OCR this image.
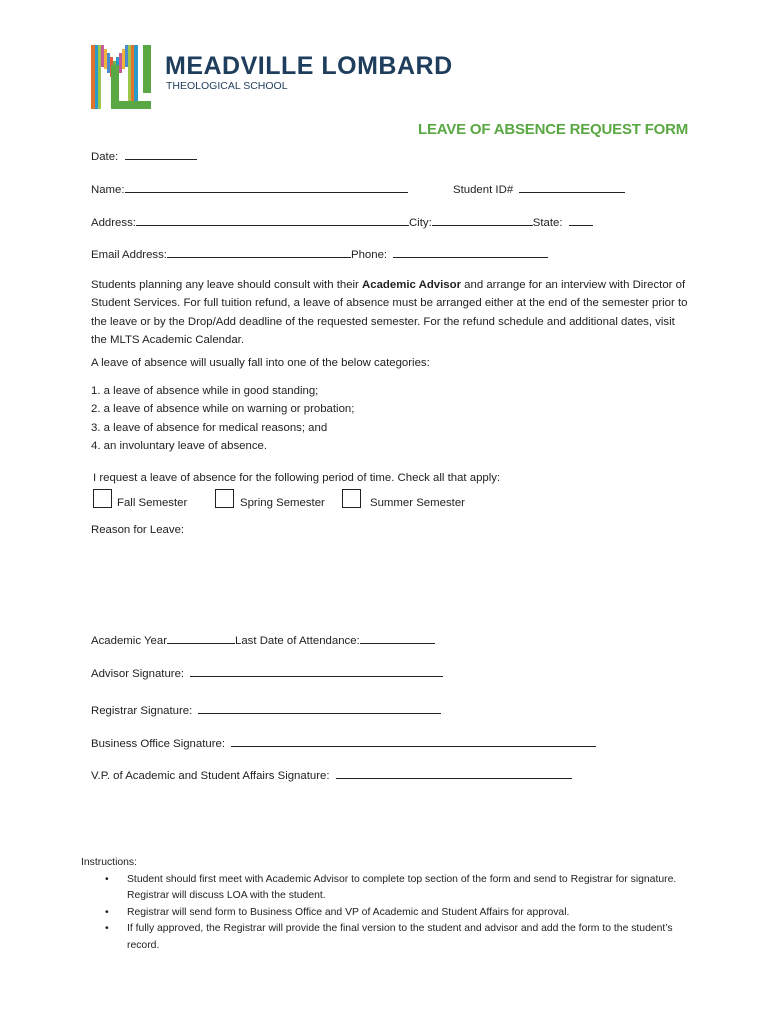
MEADVILLE LOMBARD
THEOLOGICAL SCHOOL
LEAVE OF ABSENCE REQUEST FORM
Date:
Name:	Student ID#
Address:	City:	State:
Email Address:	Phone:
Students planning any leave should consult with their Academic Advisor and arrange for an interview with Director of Student Services. For full tuition refund, a leave of absence must be arranged either at the end of the semester prior to the leave or by the Drop/Add deadline of the requested semester. For the refund schedule and additional dates, visit the MLTS Academic Calendar.
A leave of absence will usually fall into one of the below categories:
1. a leave of absence while in good standing;
2. a leave of absence while on warning or probation;
3. a leave of absence for medical reasons; and
4. an involuntary leave of absence.
I request a leave of absence for the following period of time. Check all that apply:
Fall Semester	Spring Semester	Summer Semester
Reason for Leave:
Academic Year	Last Date of Attendance:
Advisor Signature:
Registrar Signature:
Business Office Signature:
V.P. of Academic and Student Affairs Signature:
Instructions:
• Student should first meet with Academic Advisor to complete top section of the form and send to Registrar for signature. Registrar will discuss LOA with the student.
• Registrar will send form to Business Office and VP of Academic and Student Affairs for approval.
• If fully approved, the Registrar will provide the final version to the student and advisor and add the form to the student’s record.
